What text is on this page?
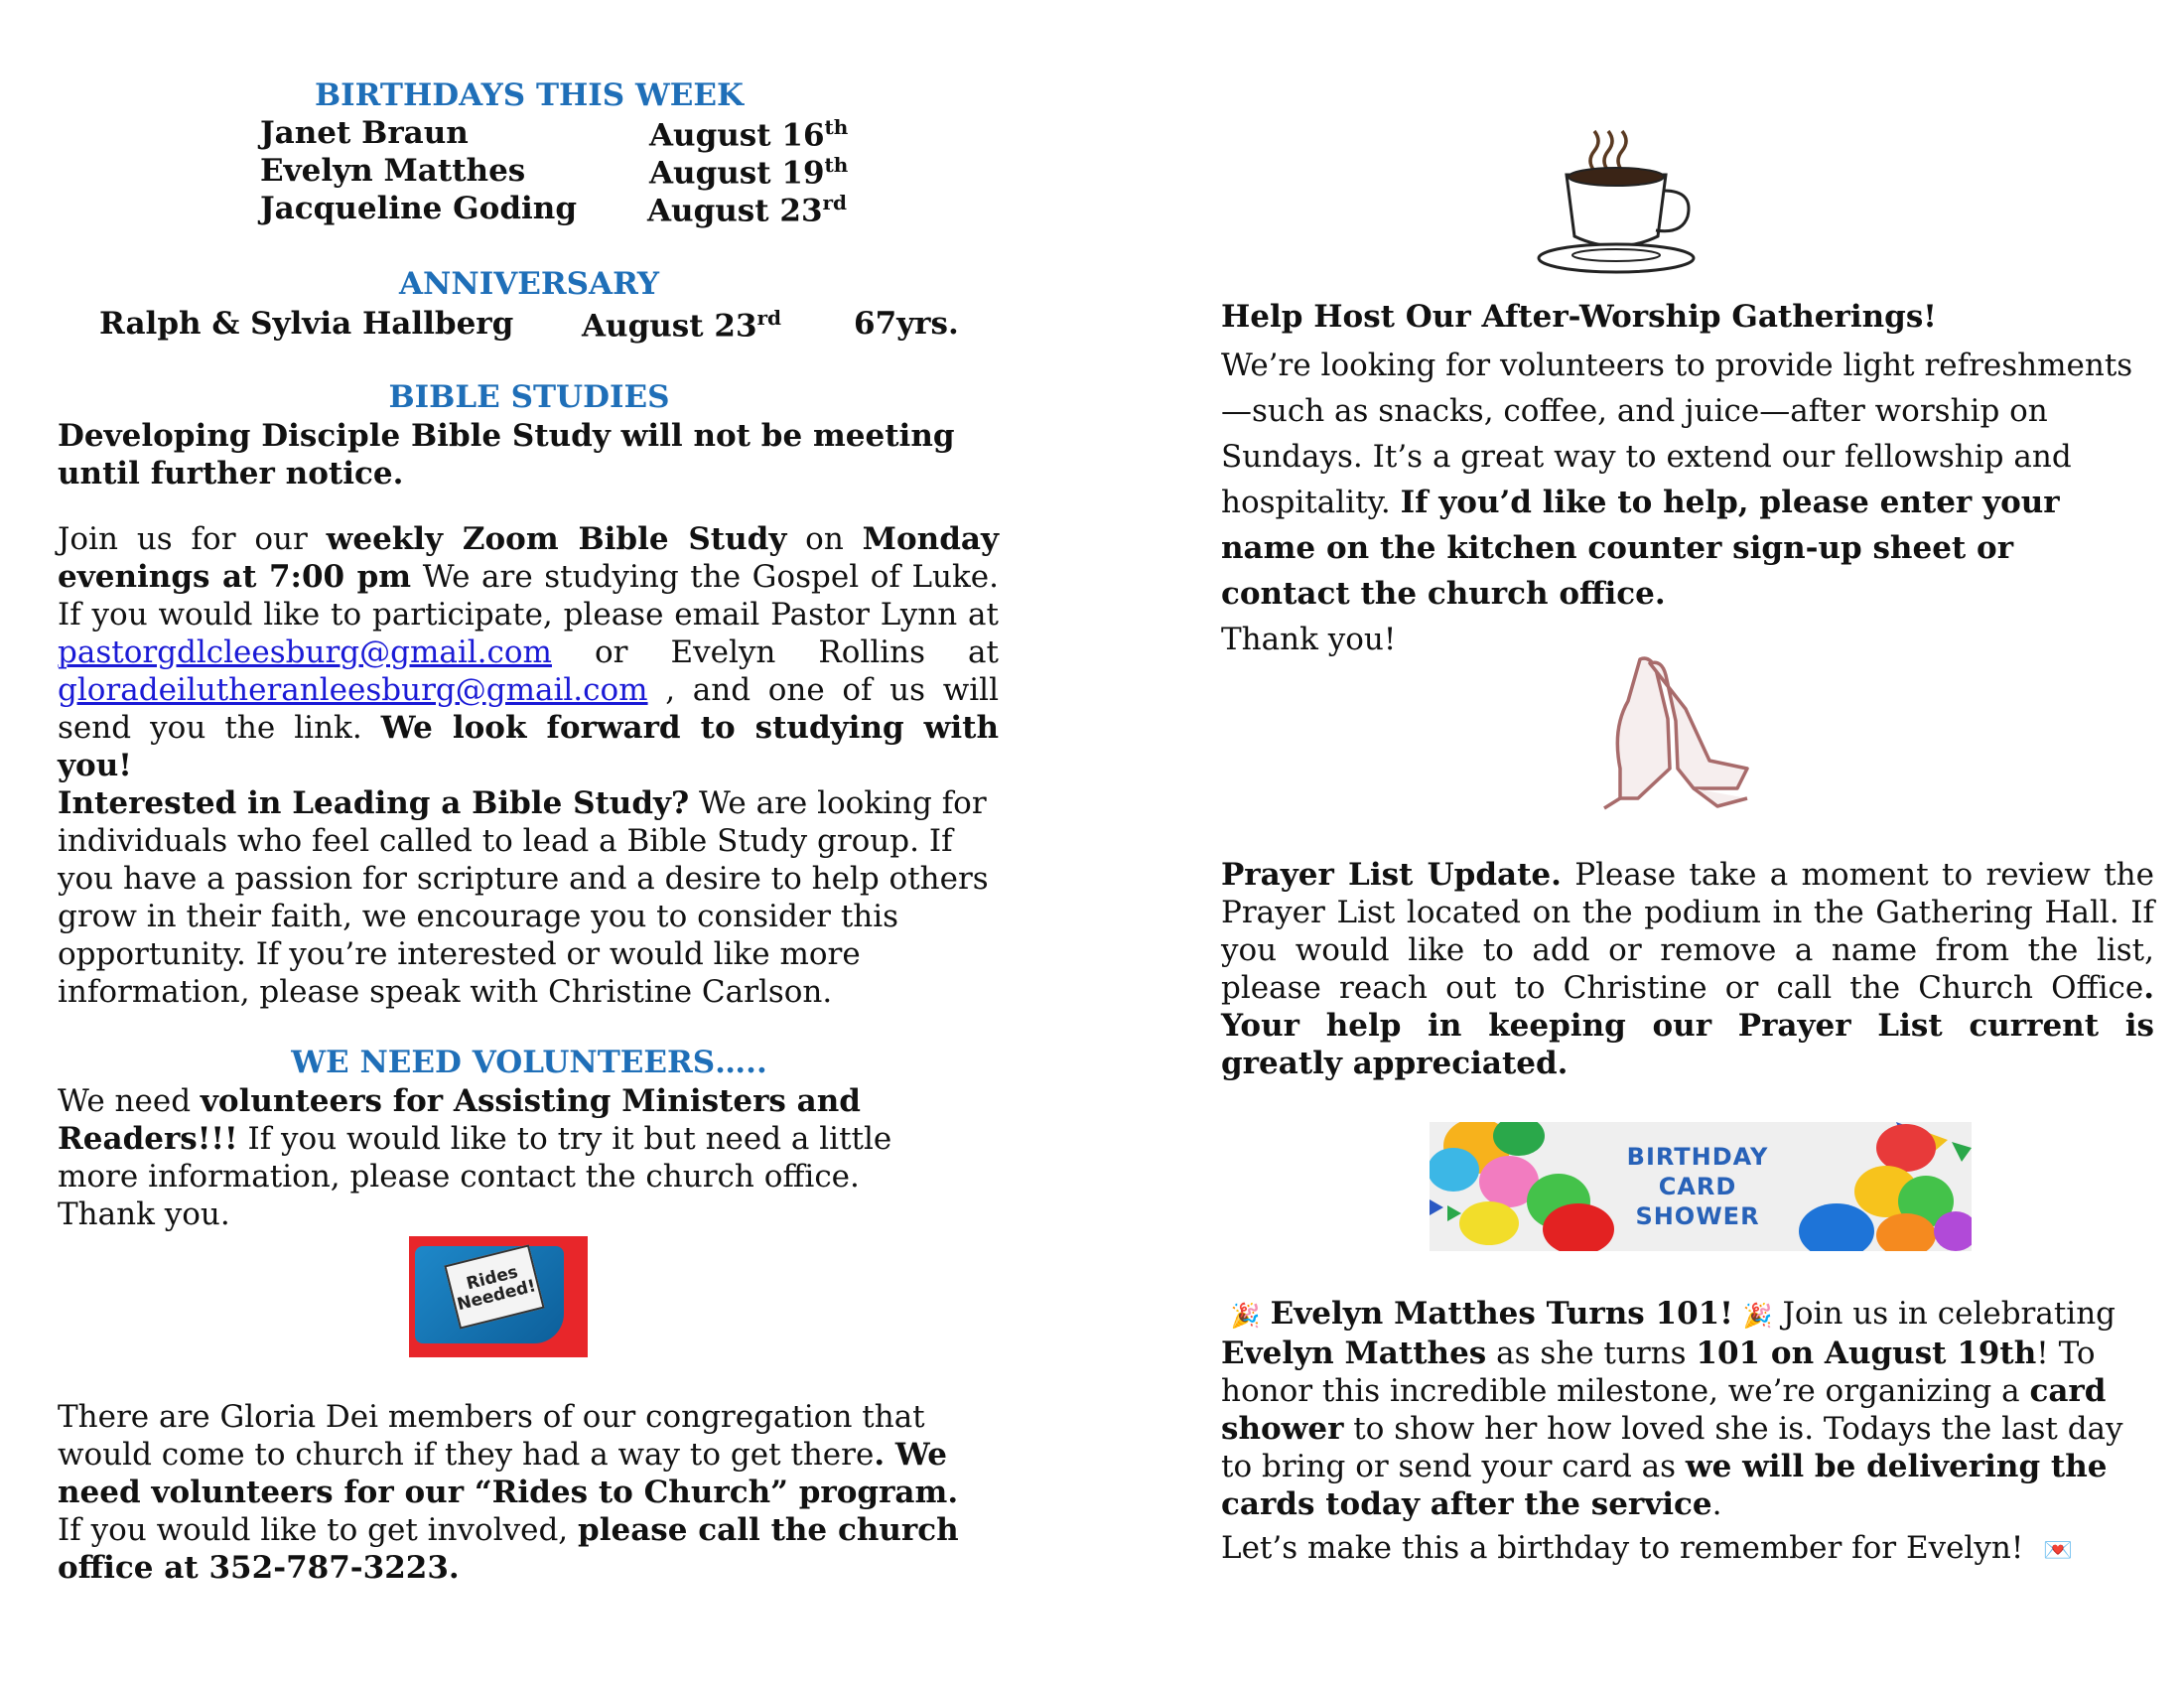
BIRTHDAYS THIS WEEK
Janet Braun	August 16th
Evelyn Matthes	August 19th
Jacqueline Goding August 23rd
ANNIVERSARY
Ralph & Sylvia Hallberg August 23rd 67yrs.
BIBLE STUDIES
Developing Disciple Bible Study will not be meeting until further notice.
Join us for our weekly Zoom Bible Study on Monday evenings at 7:00 pm We are studying the Gospel of Luke. If you would like to participate, please email Pastor Lynn at pastorgdlcleesburg@gmail.com or Evelyn Rollins at gloradeilutheranleesburg@gmail.com , and one of us will send you the link. We look forward to studying with you!
Interested in Leading a Bible Study? We are looking for individuals who feel called to lead a Bible Study group. If you have a passion for scripture and a desire to help others grow in their faith, we encourage you to consider this opportunity. If you’re interested or would like more information, please speak with Christine Carlson.
WE NEED VOLUNTEERS…..
We need volunteers for Assisting Ministers and Readers!!! If you would like to try it but need a little more information, please contact the church office. Thank you.
Rides Needed!
There are Gloria Dei members of our congregation that would come to church if they had a way to get there. We need volunteers for our “Rides to Church” program. If you would like to get involved, please call the church office at 352-787-3223.
Help Host Our After-Worship Gatherings!
We’re looking for volunteers to provide light refreshments—such as snacks, coffee, and juice—after worship on Sundays. It’s a great way to extend our fellowship and hospitality. If you’d like to help, please enter your name on the kitchen counter sign-up sheet or contact the church office.
Thank you!
Prayer List Update. Please take a moment to review the Prayer List located on the podium in the Gathering Hall. If you would like to add or remove a name from the list, please reach out to Christine or call the Church Office. Your help in keeping our Prayer List current is greatly appreciated.
BIRTHDAY
CARD
SHOWER
🎉 Evelyn Matthes Turns 101! 🎉 Join us in celebrating Evelyn Matthes as she turns 101 on August 19th! To honor this incredible milestone, we’re organizing a card shower to show her how loved she is. Todays the last day to bring or send your card as we will be delivering the cards today after the service.
Let’s make this a birthday to remember for Evelyn! 💌
